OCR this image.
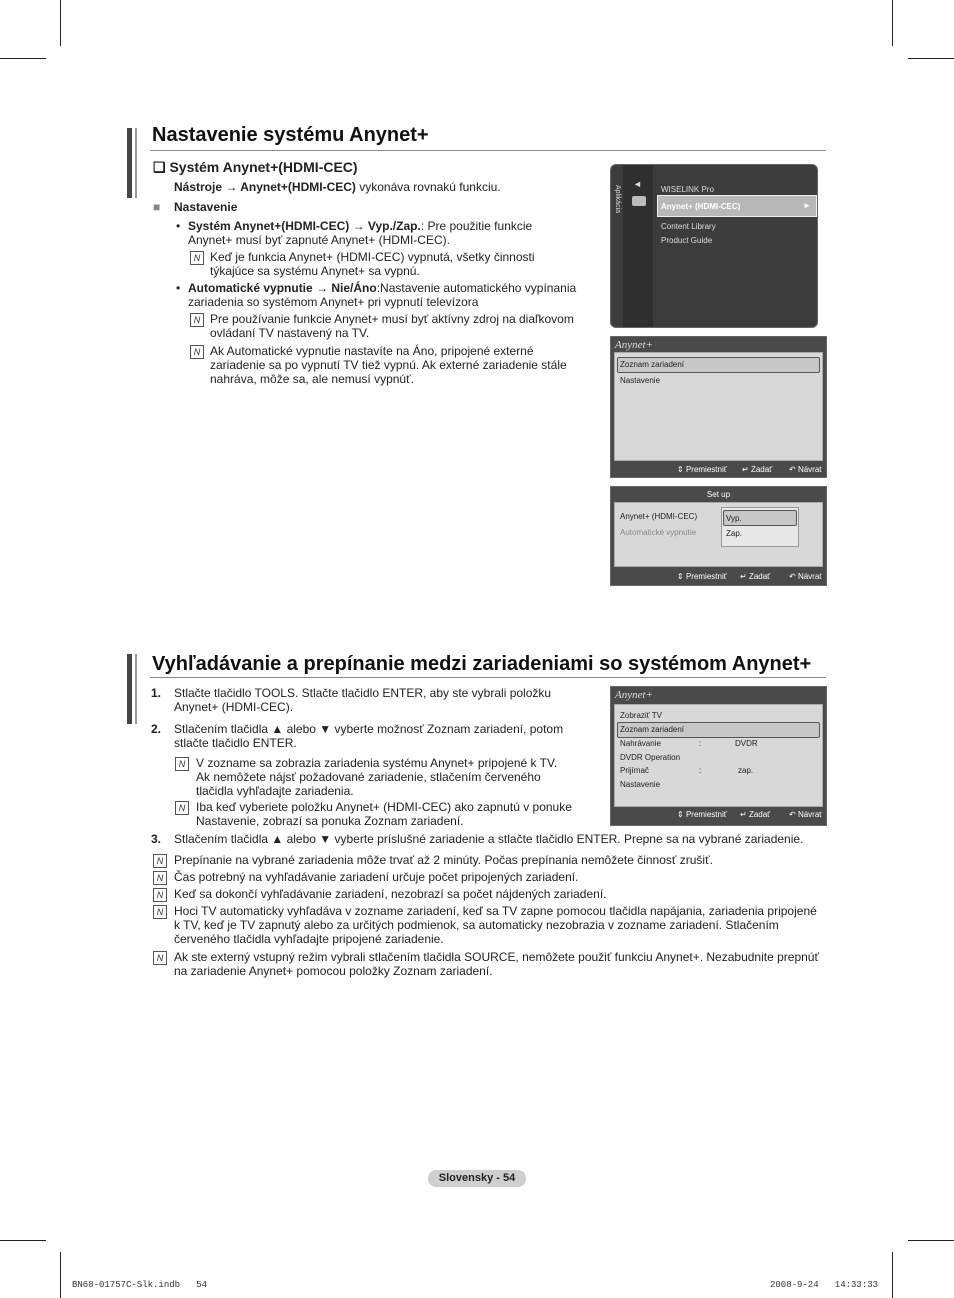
Nastavenie systému Anynet+
❑ Systém Anynet+(HDMI-CEC)
Nástroje → Anynet+(HDMI-CEC) vykonáva rovnakú funkciu.
■ Nastavenie
• Systém Anynet+(HDMI-CEC) → Vyp./Zap.: Pre použitie funkcie Anynet+ musí byť zapnuté Anynet+ (HDMI-CEC).
N Keď je funkcia Anynet+ (HDMI-CEC) vypnutá, všetky činnosti týkajúce sa systému Anynet+ sa vypnú.
• Automatické vypnutie → Nie/Áno:Nastavenie automatického vypínania zariadenia so systémom Anynet+ pri vypnutí televízora
N Pre používanie funkcie Anynet+ musí byť aktívny zdroj na diaľkovom ovládaní TV nastavený na TV.
N Ak Automatické vypnutie nastavíte na Áno, pripojené externé zariadenie sa po vypnutí TV tiež vypnú. Ak externé zariadenie stále nahráva, môže sa, ale nemusí vypnúť.
Aplikácia
◄
WISELINK Pro
Anynet+ (HDMI-CEC)	►
Content Library
Product Guide
Anynet+
Zoznam zariadení
Nastavenie
⇕ Premiestniť ↵ Zadať ↶ Návrat
Set up
Anynet+ (HDMI-CEC)
Automatické vypnutie
Vyp.
Zap.
⇕ Premiestniť ↵ Zadať ↶ Návrat
Vyhľadávanie a prepínanie medzi zariadeniami so systémom Anynet+
1. Stlačte tlačidlo TOOLS. Stlačte tlačidlo ENTER, aby ste vybrali položku Anynet+ (HDMI-CEC).
2. Stlačením tlačidla ▲ alebo ▼ vyberte možnosť Zoznam zariadení, potom stlačte tlačidlo ENTER.
N V zozname sa zobrazia zariadenia systému Anynet+ pripojené k TV. Ak nemôžete nájsť požadované zariadenie, stlačením červeného tlačidla vyhľadajte zariadenia.
N Iba keď vyberiete položku Anynet+ (HDMI-CEC) ako zapnutú v ponuke Nastavenie, zobrazí sa ponuka Zoznam zariadení.
3. Stlačením tlačidla ▲ alebo ▼ vyberte príslušné zariadenie a stlačte tlačidlo ENTER. Prepne sa na vybrané zariadenie.
N Prepínanie na vybrané zariadenia môže trvať až 2 minúty. Počas prepínania nemôžete činnosť zrušiť.
N Čas potrebný na vyhľadávanie zariadení určuje počet pripojených zariadení.
N Keď sa dokončí vyhľadávanie zariadení, nezobrazí sa počet nájdených zariadení.
N Hoci TV automaticky vyhľadáva v zozname zariadení, keď sa TV zapne pomocou tlačidla napájania, zariadenia pripojené k TV, keď je TV zapnutý alebo za určitých podmienok, sa automaticky nezobrazia v zozname zariadení. Stlačením červeného tlačidla vyhľadajte pripojené zariadenie.
N Ak ste externý vstupný režim vybrali stlačením tlačidla SOURCE, nemôžete použiť funkciu Anynet+. Nezabudnite prepnúť na zariadenie Anynet+ pomocou položky Zoznam zariadení.
Anynet+
Zobraziť TV
Zoznam zariadení
Nahrávanie	:	DVDR
DVDR Operation
Prijímač	:	zap.
Nastavenie
⇕ Premiestniť ↵ Zadať ↶ Návrat
Slovensky - 54
BN68-01757C-Slk.indb   54	2008-9-24   14:33:33
